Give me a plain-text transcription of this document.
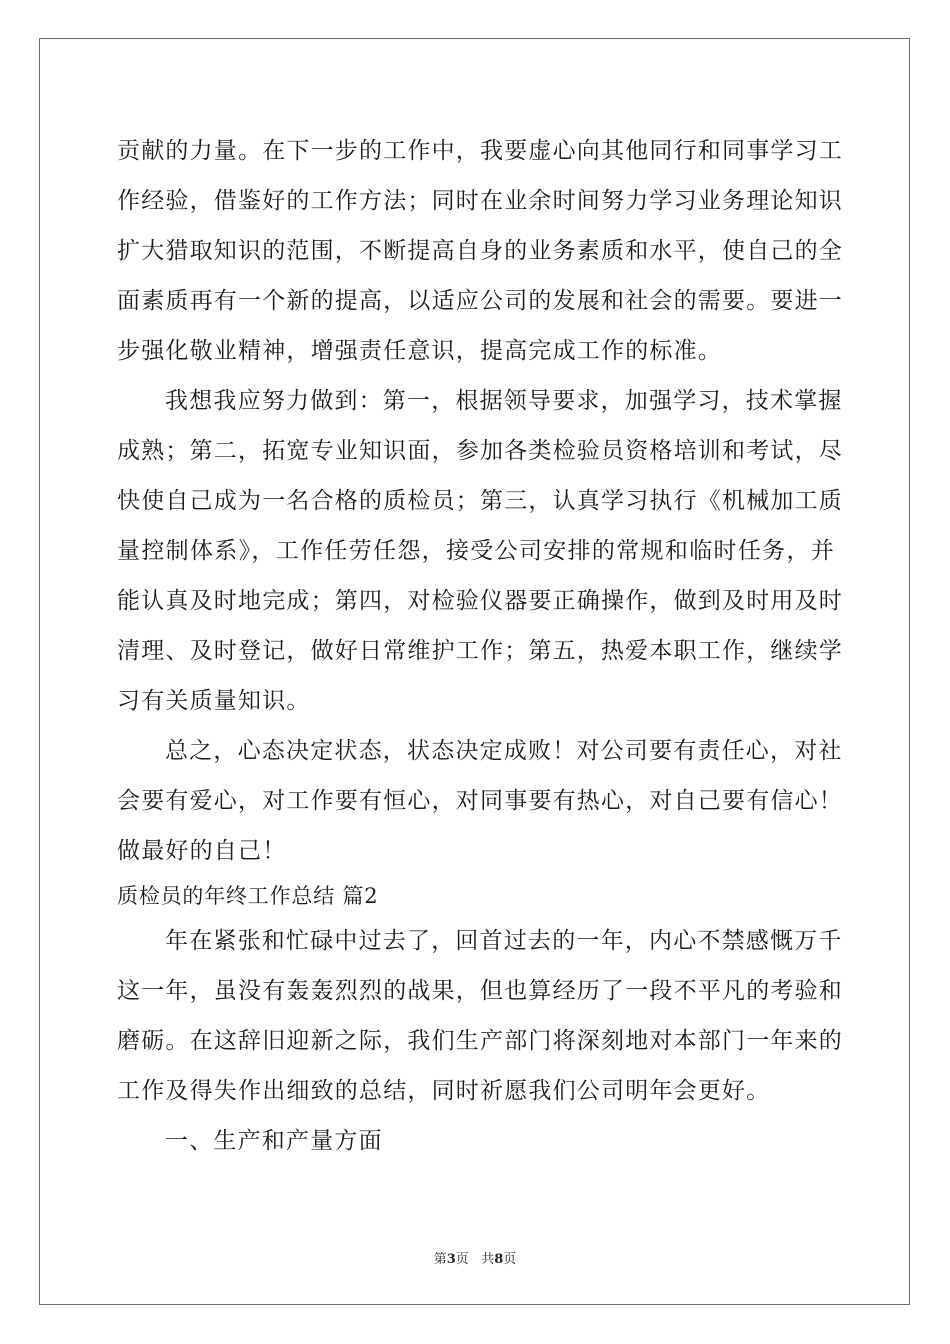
贡献的力量。在下一步的工作中，我要虚心向其他同行和同事学习工
作经验，借鉴好的工作方法；同时在业余时间努力学习业务理论知识
扩大猎取知识的范围，不断提高自身的业务素质和水平，使自己的全
面素质再有一个新的提高，以适应公司的发展和社会的需要。要进一
步强化敬业精神，增强责任意识，提高完成工作的标准。
我想我应努力做到：第一，根据领导要求，加强学习，技术掌握
成熟；第二，拓宽专业知识面，参加各类检验员资格培训和考试，尽
快使自己成为一名合格的质检员；第三，认真学习执行《机械加工质
量控制体系》，工作任劳任怨，接受公司安排的常规和临时任务，并
能认真及时地完成；第四，对检验仪器要正确操作，做到及时用及时
清理、及时登记，做好日常维护工作；第五，热爱本职工作，继续学
习有关质量知识。
总之，心态决定状态，状态决定成败！对公司要有责任心，对社
会要有爱心，对工作要有恒心，对同事要有热心，对自己要有信心！
做最好的自己！
质检员的年终工作总结 篇2
年在紧张和忙碌中过去了，回首过去的一年，内心不禁感慨万千
这一年，虽没有轰轰烈烈的战果，但也算经历了一段不平凡的考验和
磨砺。在这辞旧迎新之际，我们生产部门将深刻地对本部门一年来的
工作及得失作出细致的总结，同时祈愿我们公司明年会更好。
一、生产和产量方面
第3页 共8页
